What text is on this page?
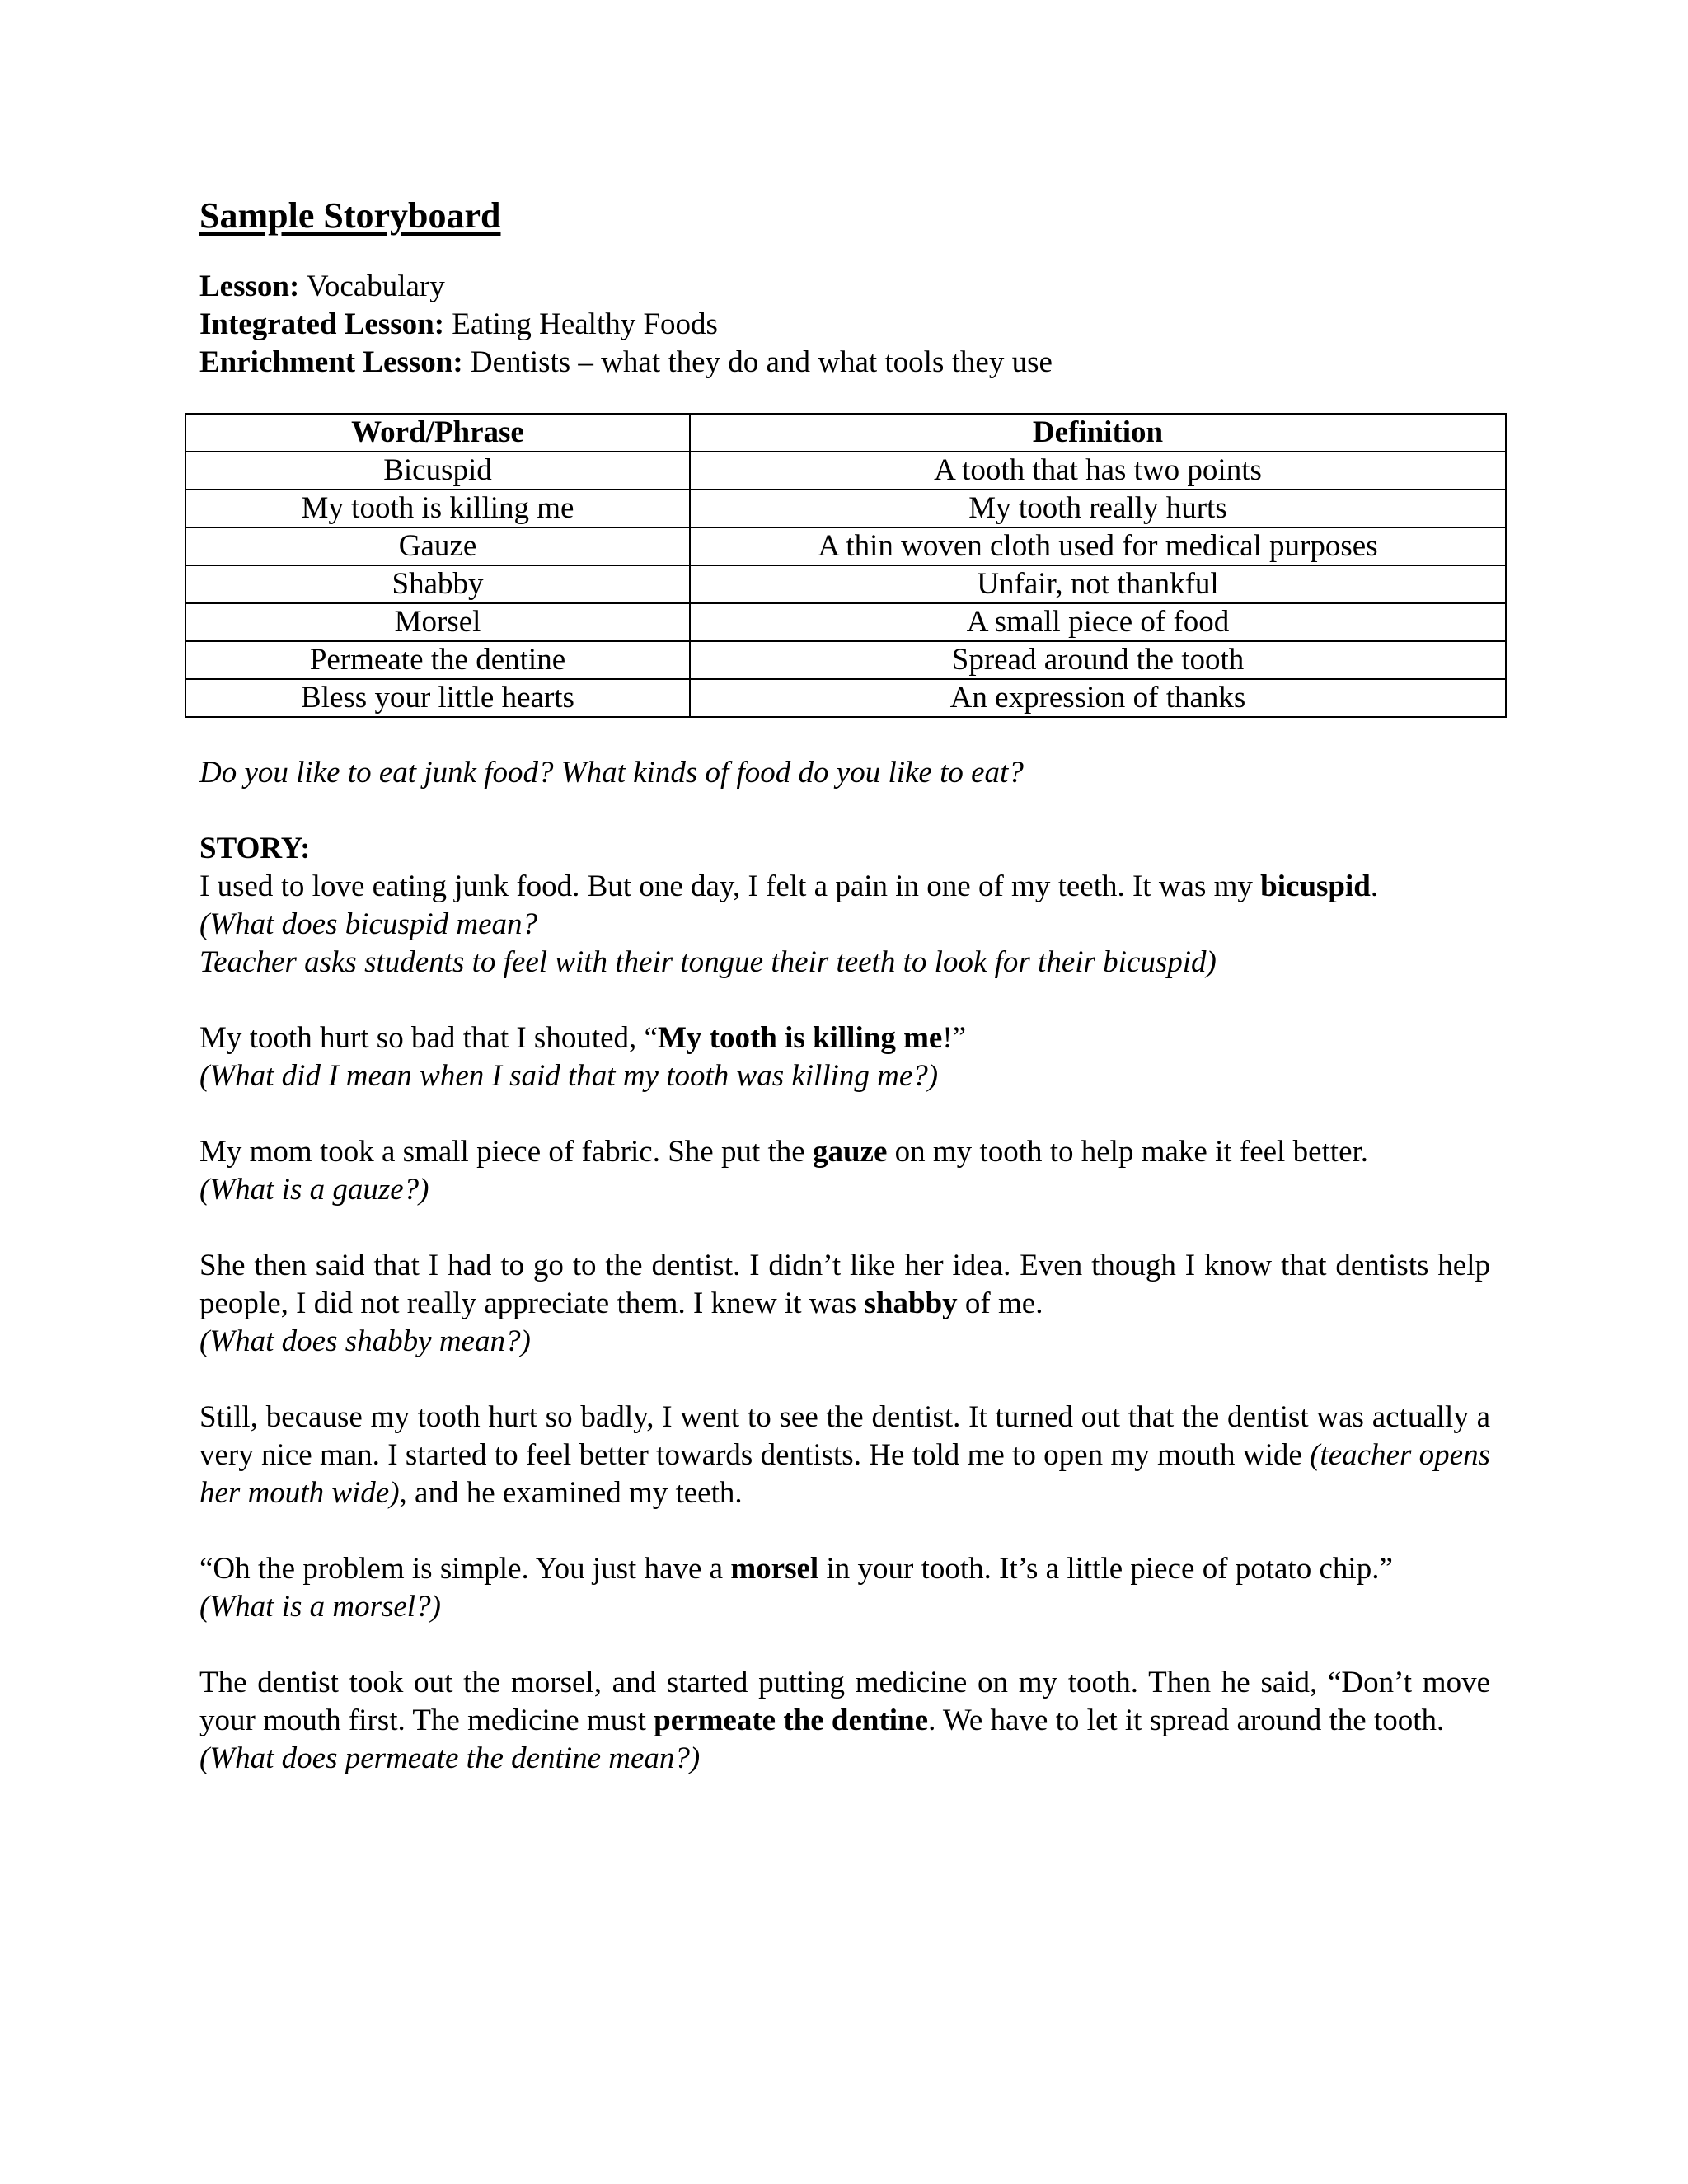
Sample Storyboard

Lesson: Vocabulary

Integrated Lesson: Eating Healthy Foods

Enrichment Lesson: Dentists – what they do and what tools they use

Word/Phrase	Definition
Bicuspid	A tooth that has two points
My tooth is killing me	My tooth really hurts
Gauze	A thin woven cloth used for medical purposes
Shabby	Unfair, not thankful
Morsel	A small piece of food
Permeate the dentine	Spread around the tooth
Bless your little hearts	An expression of thanks

Do you like to eat junk food? What kinds of food do you like to eat?

STORY:

I used to love eating junk food. But one day, I felt a pain in one of my teeth. It was my bicuspid.
(What does bicuspid mean?
Teacher asks students to feel with their tongue their teeth to look for their bicuspid)

My tooth hurt so bad that I shouted, “My tooth is killing me!”
(What did I mean when I said that my tooth was killing me?)

My mom took a small piece of fabric. She put the gauze on my tooth to help make it feel better.
(What is a gauze?)

She then said that I had to go to the dentist. I didn’t like her idea. Even though I know that dentists help people, I did not really appreciate them. I knew it was shabby of me.
(What does shabby mean?)

Still, because my tooth hurt so badly, I went to see the dentist. It turned out that the dentist was actually a very nice man. I started to feel better towards dentists. He told me to open my mouth wide (teacher opens her mouth wide), and he examined my teeth.

“Oh the problem is simple. You just have a morsel in your tooth. It’s a little piece of potato chip.”
(What is a morsel?)

The dentist took out the morsel, and started putting medicine on my tooth. Then he said, “Don’t move your mouth first. The medicine must permeate the dentine. We have to let it spread around the tooth.
(What does permeate the dentine mean?)
